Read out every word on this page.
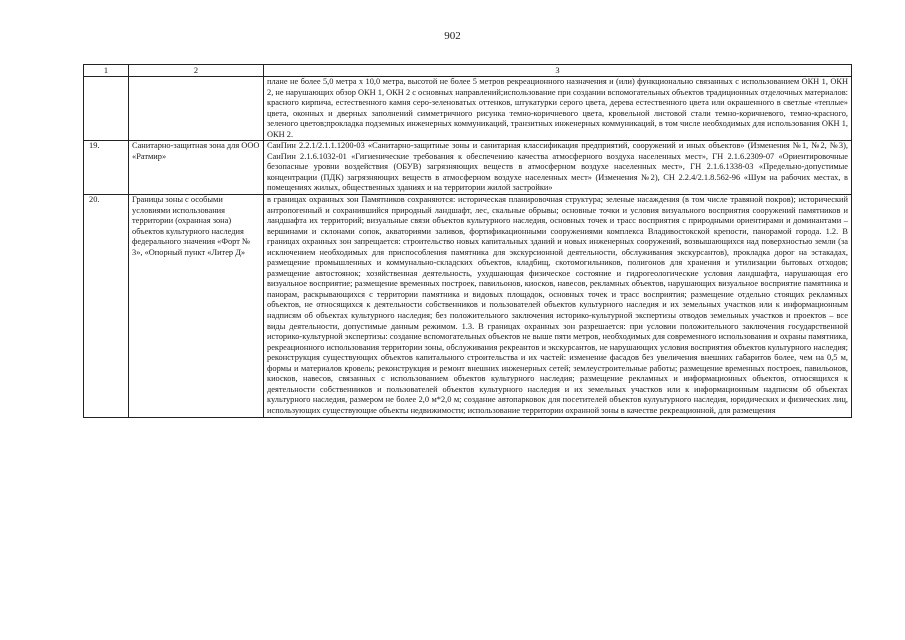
902
1	2	3
		плане не более 5,0 метра х 10,0 метра, высотой не более 5 метров рекреационного назначения и (или) функционально связанных с использованием ОКН 1, ОКН 2, не нарушающих обзор ОКН 1, ОКН 2 с основных направлений;использование при создании вспомогательных объектов традиционных отделочных материалов: красного кирпича, естественного камня серо-зеленоватых оттенков, штукатурки серого цвета, дерева естественного цвета или окрашенного в светлые «теплые» цвета, оконных и дверных заполнений симметричного рисунка темно-коричневого цвета, кровельной листовой стали темно-коричневого, темно-красного, зеленого цветов;прокладка подземных инженерных коммуникаций, транзитных инженерных коммуникаций, в том числе необходимых для использования ОКН 1, ОКН 2.
19.	Санитарно-защитная зона для ООО «Ратмир»	СанПин 2.2.1/2.1.1.1200-03 «Санитарно-защитные зоны и санитарная классификация предприятий, сооружений и иных объектов» (Изменения №1, №2, №3), СанПин 2.1.6.1032-01 «Гигиенические требования к обеспечению качества атмосферного воздуха населенных мест», ГН 2.1.6.2309-07 «Ориентировочные безопасные уровни воздействия (ОБУВ) загрязняющих веществ в атмосферном воздухе населенных мест», ГН 2.1.6.1338-03 «Предельно-допустимые концентрации (ПДК) загрязняющих веществ в атмосферном воздухе населенных мест» (Изменения №2), СН 2.2.4/2.1.8.562-96 «Шум на рабочих местах, в помещениях жилых, общественных зданиях и на территории жилой застройки»
20.	Границы зоны с особыми условиями использования территории (охранная зона) объектов культурного наследия федерального значения «Форт № 3», «Опорный пункт «Литер Д»	в границах охранных зон Памятников сохраняются: историческая планировочная структура; зеленые насаждения (в том числе травяной покров); исторический антропогенный и сохранившийся природный ландшафт, лес, скальные обрывы; основные точки и условия визуального восприятия сооружений памятников и ландшафта их территорий; визуальные связи объектов культурного наследия, основных точек и трасс восприятия с природными ориентирами и доминантами – вершинами и склонами сопок, акваториями заливов, фортификационными сооружениями комплекса Владивостокской крепости, панорамой города. 1.2. В границах охранных зон запрещается: строительство новых капитальных зданий и новых инженерных сооружений, возвышающихся над поверхностью земли (за исключением необходимых для приспособления памятника для экскурсионной деятельности, обслуживания экскурсантов), прокладка дорог на эстакадах, размещение промышленных и коммунально-складских объектов, кладбищ, скотомогильников, полигонов для хранения и утилизации бытовых отходов; размещение автостоянок; хозяйственная деятельность, ухудшающая физическое состояние и гидрогеологические условия ландшафта, нарушающая его визуальное восприятие; размещение временных построек, павильонов, киосков, навесов, рекламных объектов, нарушающих визуальное восприятие памятника и панорам, раскрывающихся с территории памятника и видовых площадок, основных точек и трасс восприятия; размещение отдельно стоящих рекламных объектов, не относящихся к деятельности собственников и пользователей объектов культурного наследия и их земельных участков или к информационным надписям об объектах культурного наследия; без положительного заключения историко-культурной экспертизы отводов земельных участков и проектов – все виды деятельности, допустимые данным режимом. 1.3. В границах охранных зон разрешается: при условии положительного заключения государственной историко-культурной экспертизы: создание вспомогательных объектов не выше пяти метров, необходимых для современного использования и охраны памятника, рекреационного использования территории зоны, обслуживания рекреантов и экскурсантов, не нарушающих условия восприятия объектов культурного наследия; реконструкция существующих объектов капитального строительства и их частей: изменение фасадов без увеличения внешних габаритов более, чем на 0,5 м, формы и материалов кровель; реконструкция и ремонт внешних инженерных сетей; землеустроительные работы; размещение временных построек, павильонов, киосков, навесов, связанных с использованием объектов культурного наследия; размещение рекламных и информационных объектов, относящихся к деятельности собственников и пользователей объектов культурного наследия и их земельных участков или к информационным надписям об объектах культурного наследия, размером не более 2,0 м*2,0 м; создание автопарковок для посетителей объектов кулуьтурного наследия, юридических и физических лиц, использующих существующие объекты недвижимости; использование территории охранной зоны в качестве рекреационной, для размещения
